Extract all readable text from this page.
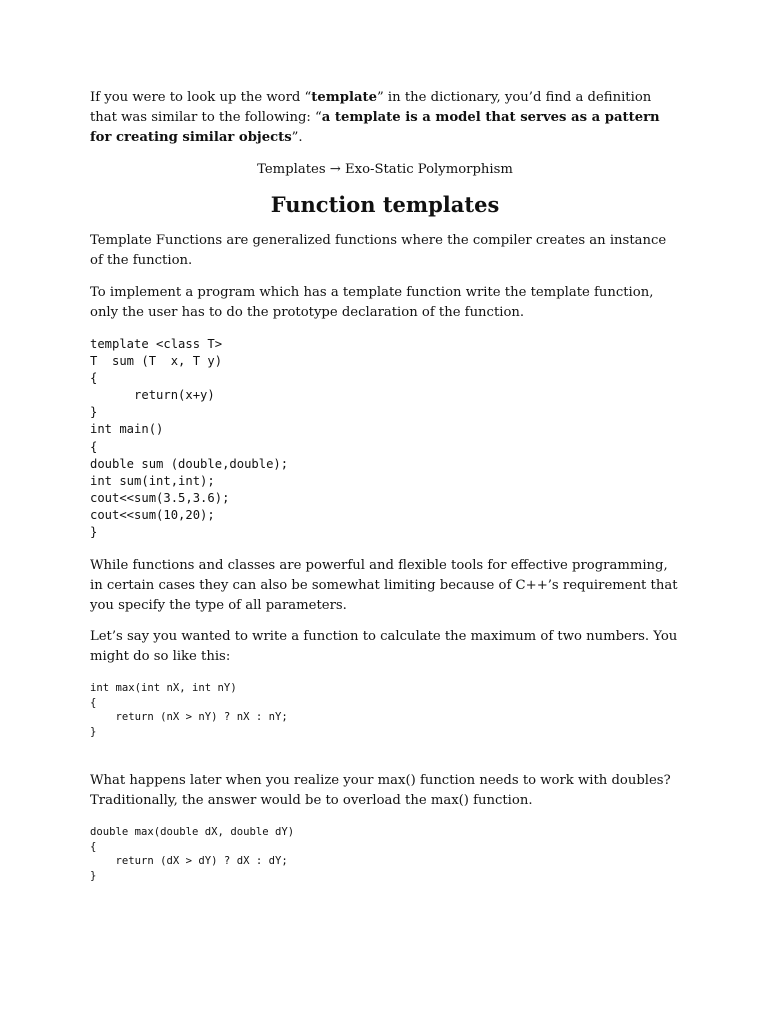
If you were to look up the word “template” in the dictionary, you’d find a definition that was similar to the following: “a template is a model that serves as a pattern for creating similar objects”.

Templates → Exo-Static Polymorphism

Function templates

Template Functions are generalized functions where the compiler creates an instance of the function.

To implement a program which has a template function write the template function, only the user has to do the prototype declaration of the function.

template <class T>
T  sum (T  x, T y)
{
return(x+y)
}
int main()
{
double sum (double,double);
int sum(int,int);
cout<<sum(3.5,3.6);
cout<<sum(10,20);
}

While functions and classes are powerful and flexible tools for effective programming, in certain cases they can also be somewhat limiting because of C++’s requirement that you specify the type of all parameters.

Let’s say you wanted to write a function to calculate the maximum of two numbers. You might do so like this:

int max(int nX, int nY)
{
return (nX > nY) ? nX : nY;
}

What happens later when you realize your max() function needs to work with doubles? Traditionally, the answer would be to overload the max() function.

double max(double dX, double dY)
{
return (dX > dY) ? dX : dY;
}
